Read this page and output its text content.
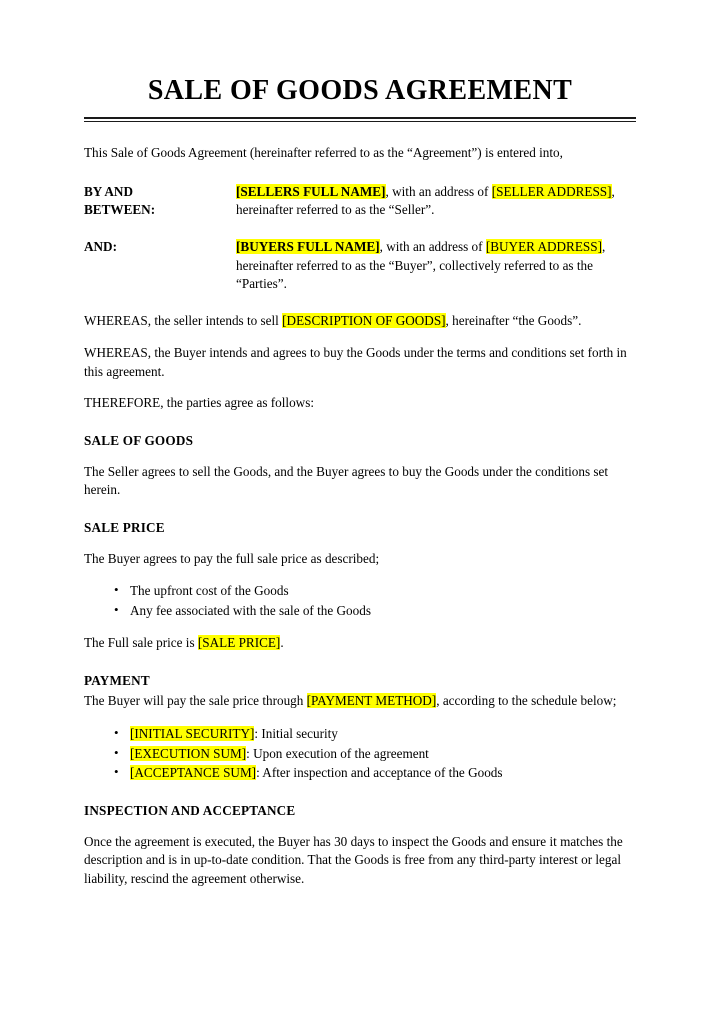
SALE OF GOODS AGREEMENT

This Sale of Goods Agreement (hereinafter referred to as the “Agreement”) is entered into,

BY AND
BETWEEN:
[SELLERS FULL NAME], with an address of [SELLER ADDRESS], hereinafter referred to as the “Seller”.
AND:	[BUYERS FULL NAME], with an address of [BUYER ADDRESS], hereinafter referred to as the “Buyer”, collectively referred to as the “Parties”.

WHEREAS, the seller intends to sell [DESCRIPTION OF GOODS], hereinafter “the Goods”.

WHEREAS, the Buyer intends and agrees to buy the Goods under the terms and conditions set forth in this agreement.

THEREFORE, the parties agree as follows:

SALE OF GOODS

The Seller agrees to sell the Goods, and the Buyer agrees to buy the Goods under the conditions set herein.

SALE PRICE

The Buyer agrees to pay the full sale price as described;

• The upfront cost of the Goods
• Any fee associated with the sale of the Goods

The Full sale price is [SALE PRICE].

PAYMENT

The Buyer will pay the sale price through [PAYMENT METHOD], according to the schedule below;

• [INITIAL SECURITY]: Initial security
• [EXECUTION SUM]: Upon execution of the agreement
• [ACCEPTANCE SUM]: After inspection and acceptance of the Goods
INSPECTION AND ACCEPTANCE

Once the agreement is executed, the Buyer has 30 days to inspect the Goods and ensure it matches the description and is in up-to-date condition. That the Goods is free from any third-party interest or legal liability, rescind the agreement otherwise.
